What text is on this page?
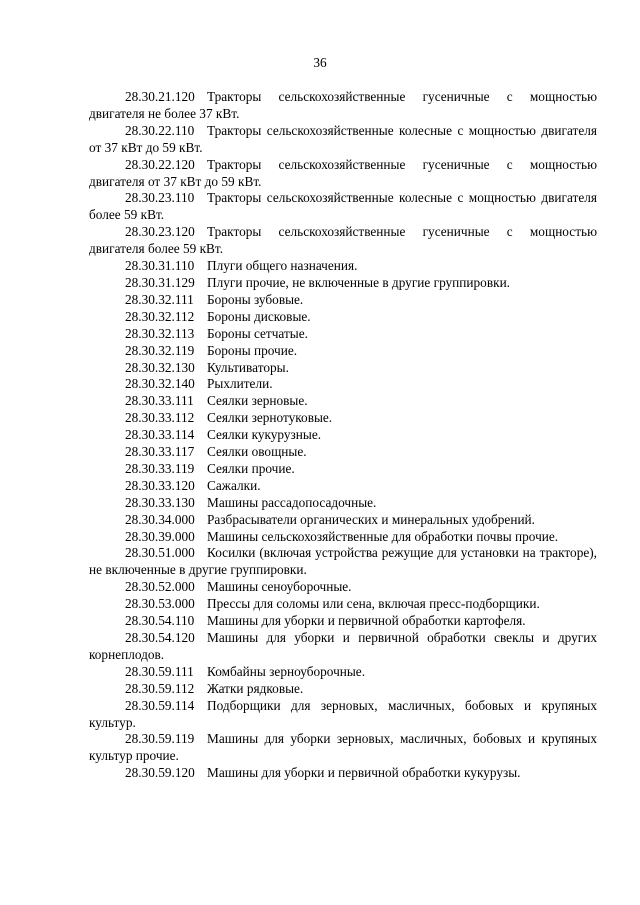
36

28.30.21.120 Тракторы сельскохозяйственные гусеничные с мощностью двигателя не более 37 кВт.

28.30.22.110 Тракторы сельскохозяйственные колесные с мощностью двигателя от 37 кВт до 59 кВт.

28.30.22.120 Тракторы сельскохозяйственные гусеничные с мощностью двигателя от 37 кВт до 59 кВт.

28.30.23.110 Тракторы сельскохозяйственные колесные с мощностью двигателя более 59 кВт.

28.30.23.120 Тракторы сельскохозяйственные гусеничные с мощностью двигателя более 59 кВт.

28.30.31.110 Плуги общего назначения.

28.30.31.129 Плуги прочие, не включенные в другие группировки.

28.30.32.111 Бороны зубовые.

28.30.32.112 Бороны дисковые.

28.30.32.113 Бороны сетчатые.

28.30.32.119 Бороны прочие.

28.30.32.130 Культиваторы.

28.30.32.140 Рыхлители.

28.30.33.111 Сеялки зерновые.

28.30.33.112 Сеялки зернотуковые.

28.30.33.114 Сеялки кукурузные.

28.30.33.117 Сеялки овощные.

28.30.33.119 Сеялки прочие.

28.30.33.120 Сажалки.

28.30.33.130 Машины рассадопосадочные.

28.30.34.000 Разбрасыватели органических и минеральных удобрений.

28.30.39.000 Машины сельскохозяйственные для обработки почвы прочие.

28.30.51.000 Косилки (включая устройства режущие для установки на тракторе), не включенные в другие группировки.

28.30.52.000 Машины сеноуборочные.

28.30.53.000 Прессы для соломы или сена, включая пресс-подборщики.

28.30.54.110 Машины для уборки и первичной обработки картофеля.

28.30.54.120 Машины для уборки и первичной обработки свеклы и других корнеплодов.

28.30.59.111 Комбайны зерноуборочные.

28.30.59.112 Жатки рядковые.

28.30.59.114 Подборщики для зерновых, масличных, бобовых и крупяных культур.

28.30.59.119 Машины для уборки зерновых, масличных, бобовых и крупяных культур прочие.

28.30.59.120 Машины для уборки и первичной обработки кукурузы.
